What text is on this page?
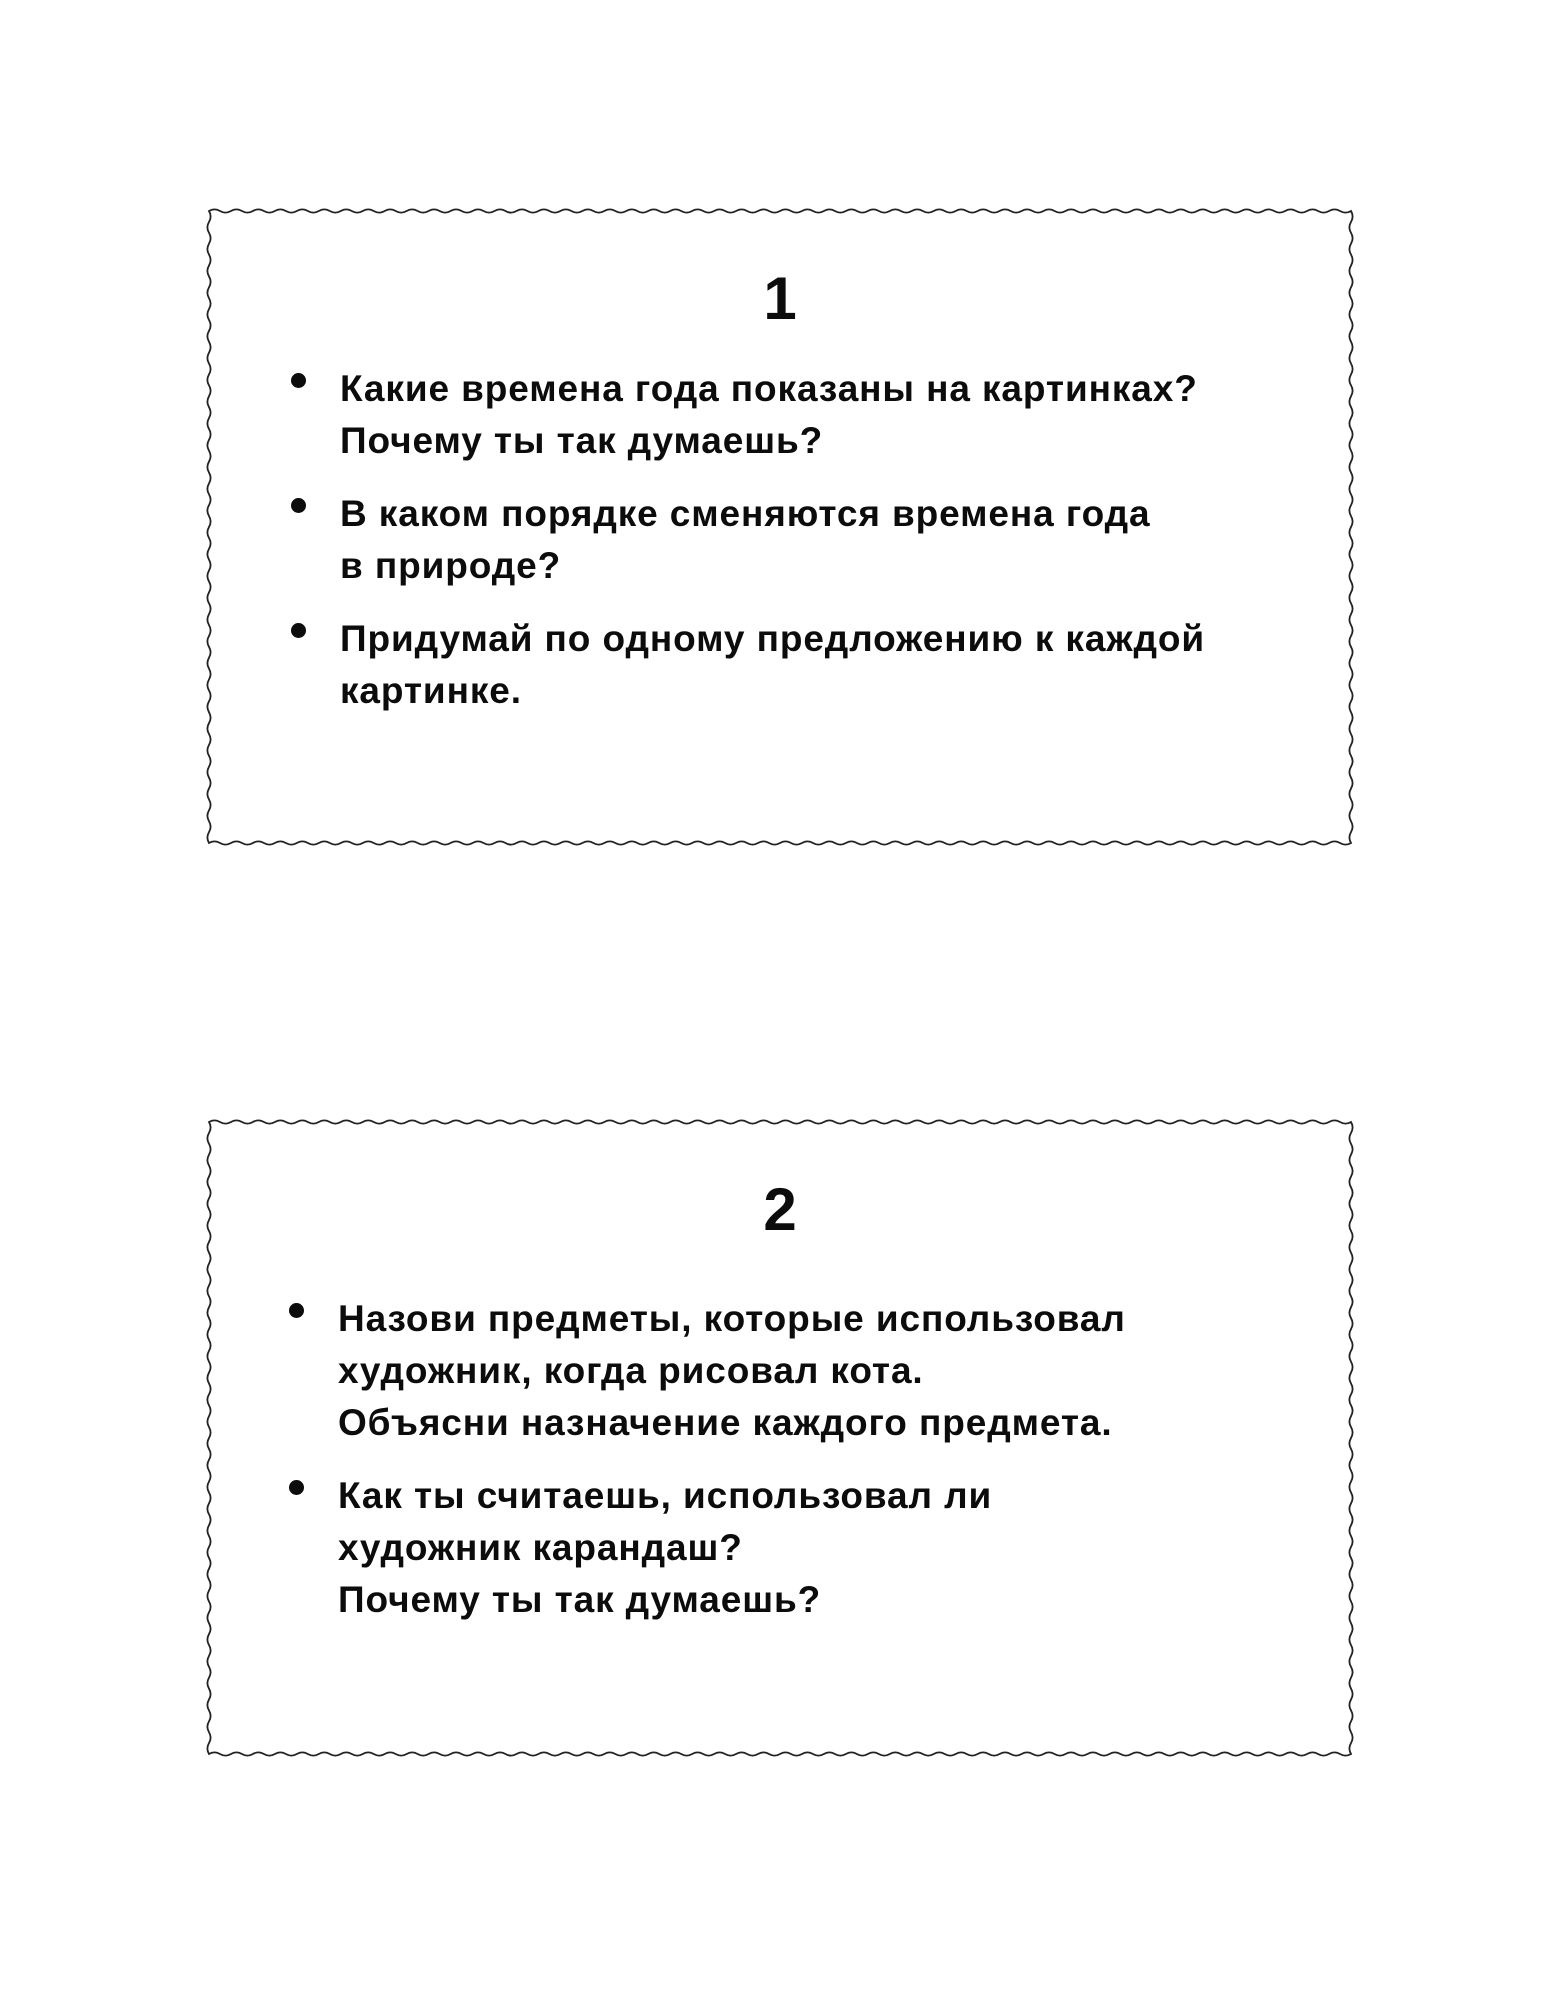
1
Какие времена года показаны на картинках?
Почему ты так думаешь?
В каком порядке сменяются времена года
в природе?
Придумай по одному предложению к каждой
картинке.
2
Назови предметы, которые использовал
художник, когда рисовал кота.
Объясни назначение каждого предмета.
Как ты считаешь, использовал ли
художник карандаш?
Почему ты так думаешь?
